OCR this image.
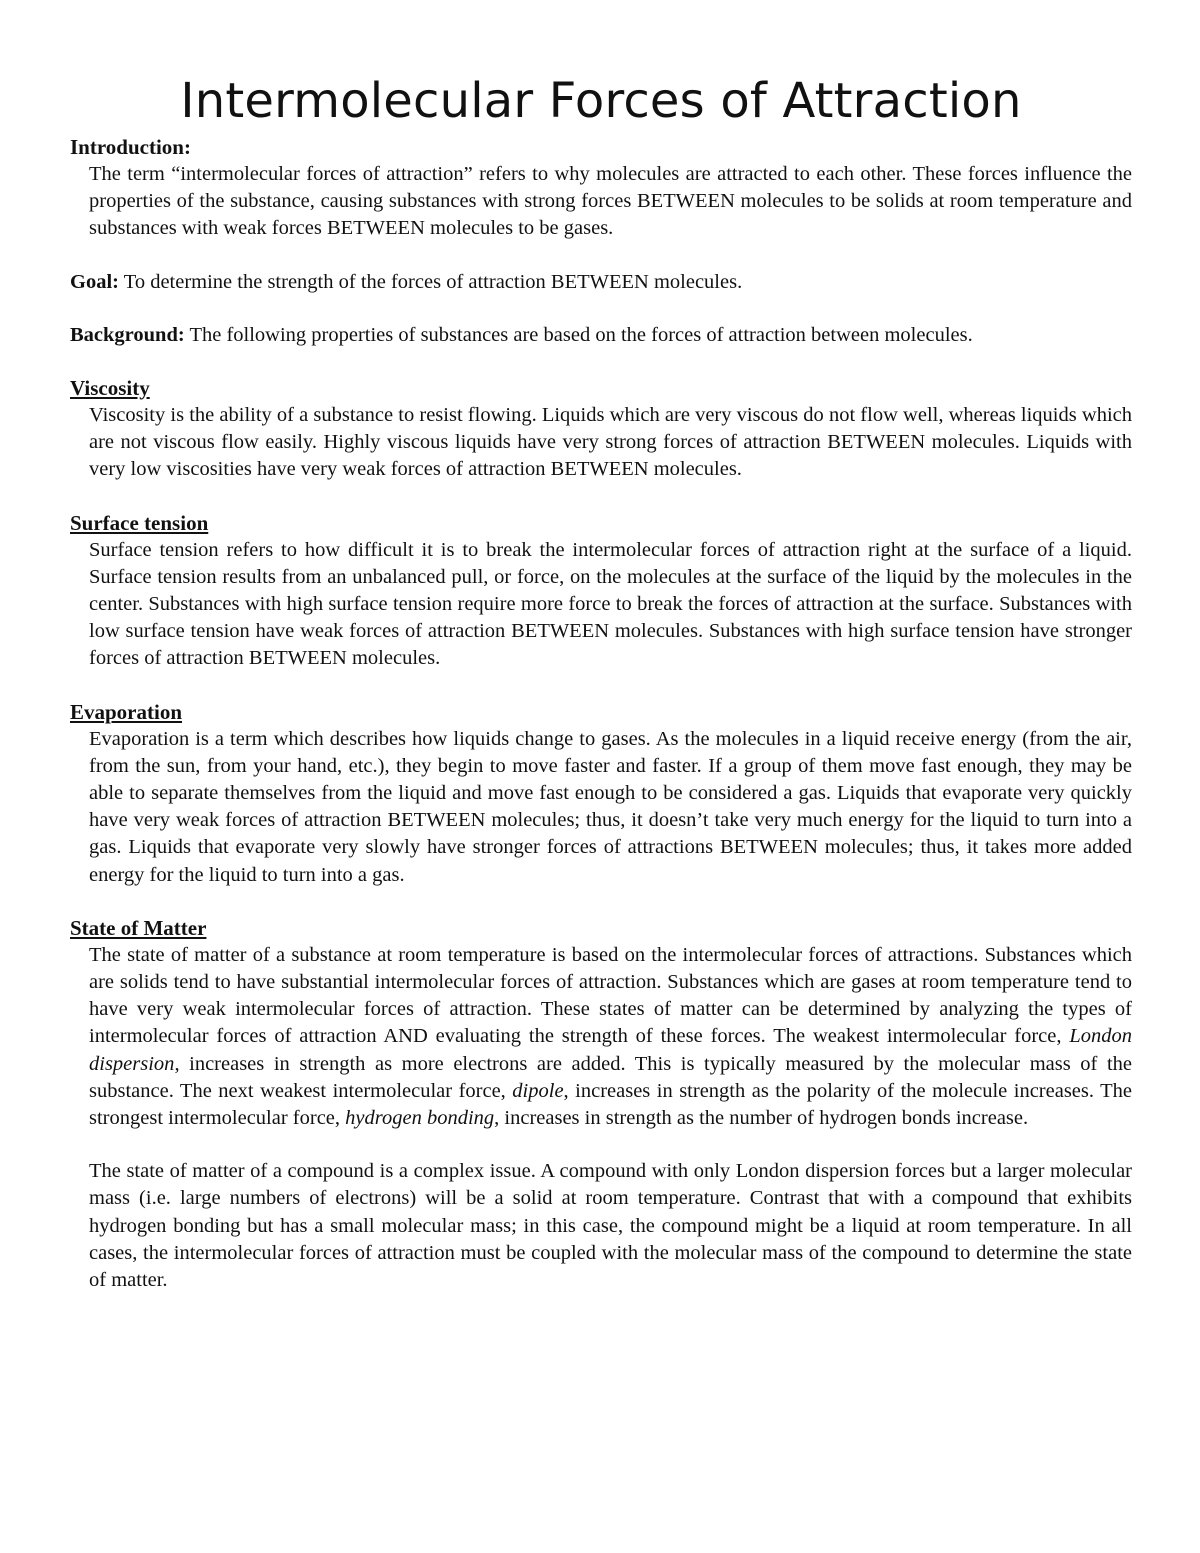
Intermolecular Forces of Attraction

Introduction:

The term “intermolecular forces of attraction” refers to why molecules are attracted to each other. These forces influence the properties of the substance, causing substances with strong forces BETWEEN molecules to be solids at room temperature and substances with weak forces BETWEEN molecules to be gases.

Goal: To determine the strength of the forces of attraction BETWEEN molecules.

Background: The following properties of substances are based on the forces of attraction between molecules.

Viscosity

Viscosity is the ability of a substance to resist flowing. Liquids which are very viscous do not flow well, whereas liquids which are not viscous flow easily. Highly viscous liquids have very strong forces of attraction BETWEEN molecules. Liquids with very low viscosities have very weak forces of attraction BETWEEN molecules.

Surface tension

Surface tension refers to how difficult it is to break the intermolecular forces of attraction right at the surface of a liquid. Surface tension results from an unbalanced pull, or force, on the molecules at the surface of the liquid by the molecules in the center. Substances with high surface tension require more force to break the forces of attraction at the surface. Substances with low surface tension have weak forces of attraction BETWEEN molecules. Substances with high surface tension have stronger forces of attraction BETWEEN molecules.

Evaporation

Evaporation is a term which describes how liquids change to gases. As the molecules in a liquid receive energy (from the air, from the sun, from your hand, etc.), they begin to move faster and faster. If a group of them move fast enough, they may be able to separate themselves from the liquid and move fast enough to be considered a gas. Liquids that evaporate very quickly have very weak forces of attraction BETWEEN molecules; thus, it doesn’t take very much energy for the liquid to turn into a gas. Liquids that evaporate very slowly have stronger forces of attractions BETWEEN molecules; thus, it takes more added energy for the liquid to turn into a gas.

State of Matter

The state of matter of a substance at room temperature is based on the intermolecular forces of attractions. Substances which are solids tend to have substantial intermolecular forces of attraction. Substances which are gases at room temperature tend to have very weak intermolecular forces of attraction. These states of matter can be determined by analyzing the types of intermolecular forces of attraction AND evaluating the strength of these forces. The weakest intermolecular force, London dispersion, increases in strength as more electrons are added. This is typically measured by the molecular mass of the substance. The next weakest intermolecular force, dipole, increases in strength as the polarity of the molecule increases. The strongest intermolecular force, hydrogen bonding, increases in strength as the number of hydrogen bonds increase.

The state of matter of a compound is a complex issue. A compound with only London dispersion forces but a larger molecular mass (i.e. large numbers of electrons) will be a solid at room temperature. Contrast that with a compound that exhibits hydrogen bonding but has a small molecular mass; in this case, the compound might be a liquid at room temperature. In all cases, the intermolecular forces of attraction must be coupled with the molecular mass of the compound to determine the state of matter.
